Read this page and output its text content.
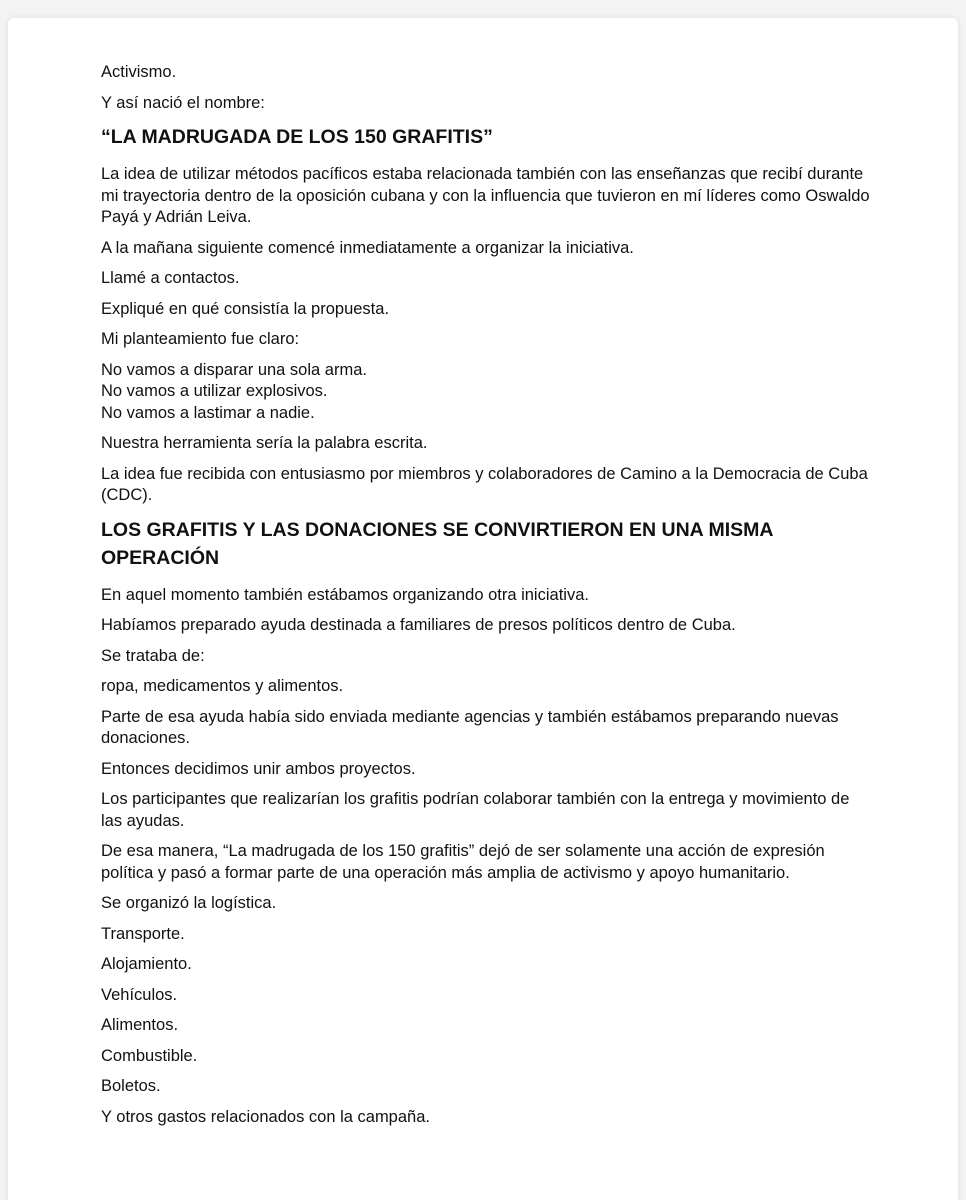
Activismo.

Y así nació el nombre:

“LA MADRUGADA DE LOS 150 GRAFITIS”

La idea de utilizar métodos pacíficos estaba relacionada también con las enseñanzas que recibí durante mi trayectoria dentro de la oposición cubana y con la influencia que tuvieron en mí líderes como Oswaldo Payá y Adrián Leiva.

A la mañana siguiente comencé inmediatamente a organizar la iniciativa.

Llamé a contactos.

Expliqué en qué consistía la propuesta.

Mi planteamiento fue claro:

No vamos a disparar una sola arma.

No vamos a utilizar explosivos.

No vamos a lastimar a nadie.

Nuestra herramienta sería la palabra escrita.

La idea fue recibida con entusiasmo por miembros y colaboradores de Camino a la Democracia de Cuba (CDC).

LOS GRAFITIS Y LAS DONACIONES SE CONVIRTIERON EN UNA MISMA OPERACIÓN

En aquel momento también estábamos organizando otra iniciativa.

Habíamos preparado ayuda destinada a familiares de presos políticos dentro de Cuba.

Se trataba de:

ropa, medicamentos y alimentos.

Parte de esa ayuda había sido enviada mediante agencias y también estábamos preparando nuevas donaciones.

Entonces decidimos unir ambos proyectos.

Los participantes que realizarían los grafitis podrían colaborar también con la entrega y movimiento de las ayudas.

De esa manera, “La madrugada de los 150 grafitis” dejó de ser solamente una acción de expresión política y pasó a formar parte de una operación más amplia de activismo y apoyo humanitario.

Se organizó la logística.

Transporte.

Alojamiento.

Vehículos.

Alimentos.

Combustible.

Boletos.

Y otros gastos relacionados con la campaña.
